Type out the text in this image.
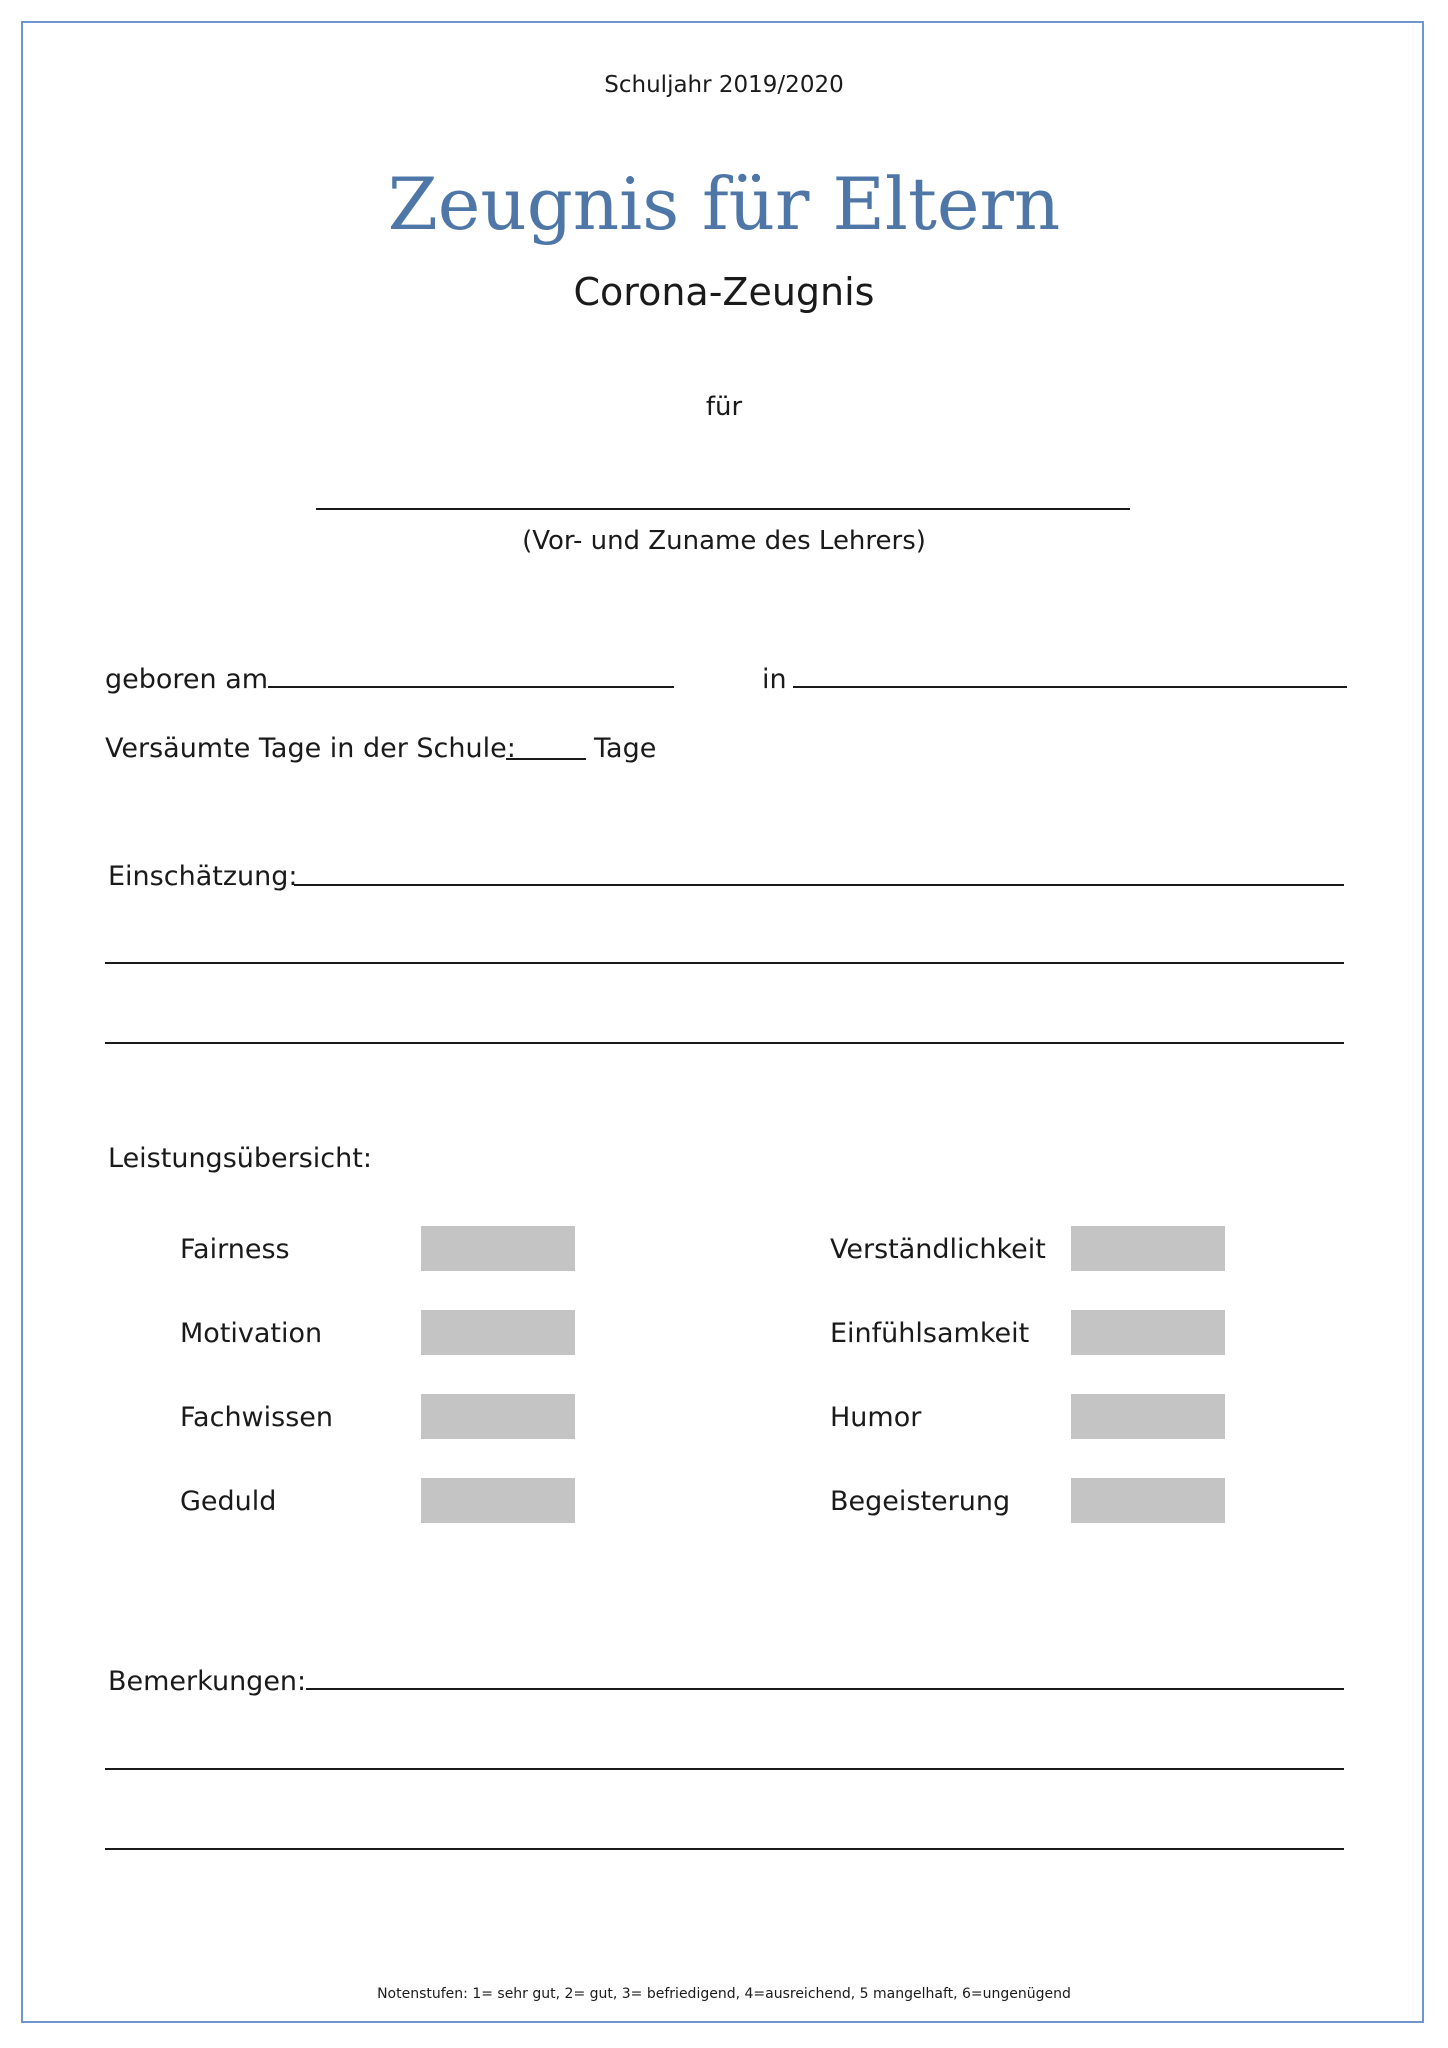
Schuljahr 2019/2020
Zeugnis für Eltern
Corona-Zeugnis
für
(Vor- und Zuname des Lehrers)
geboren am	in
Versäumte Tage in der Schule:	Tage
Einschätzung:
Leistungsübersicht:
Fairness
Motivation
Fachwissen
Geduld
Verständlichkeit
Einfühlsamkeit
Humor
Begeisterung
Bemerkungen:
Notenstufen: 1= sehr gut, 2= gut, 3= befriedigend, 4=ausreichend, 5 mangelhaft, 6=ungenügend
